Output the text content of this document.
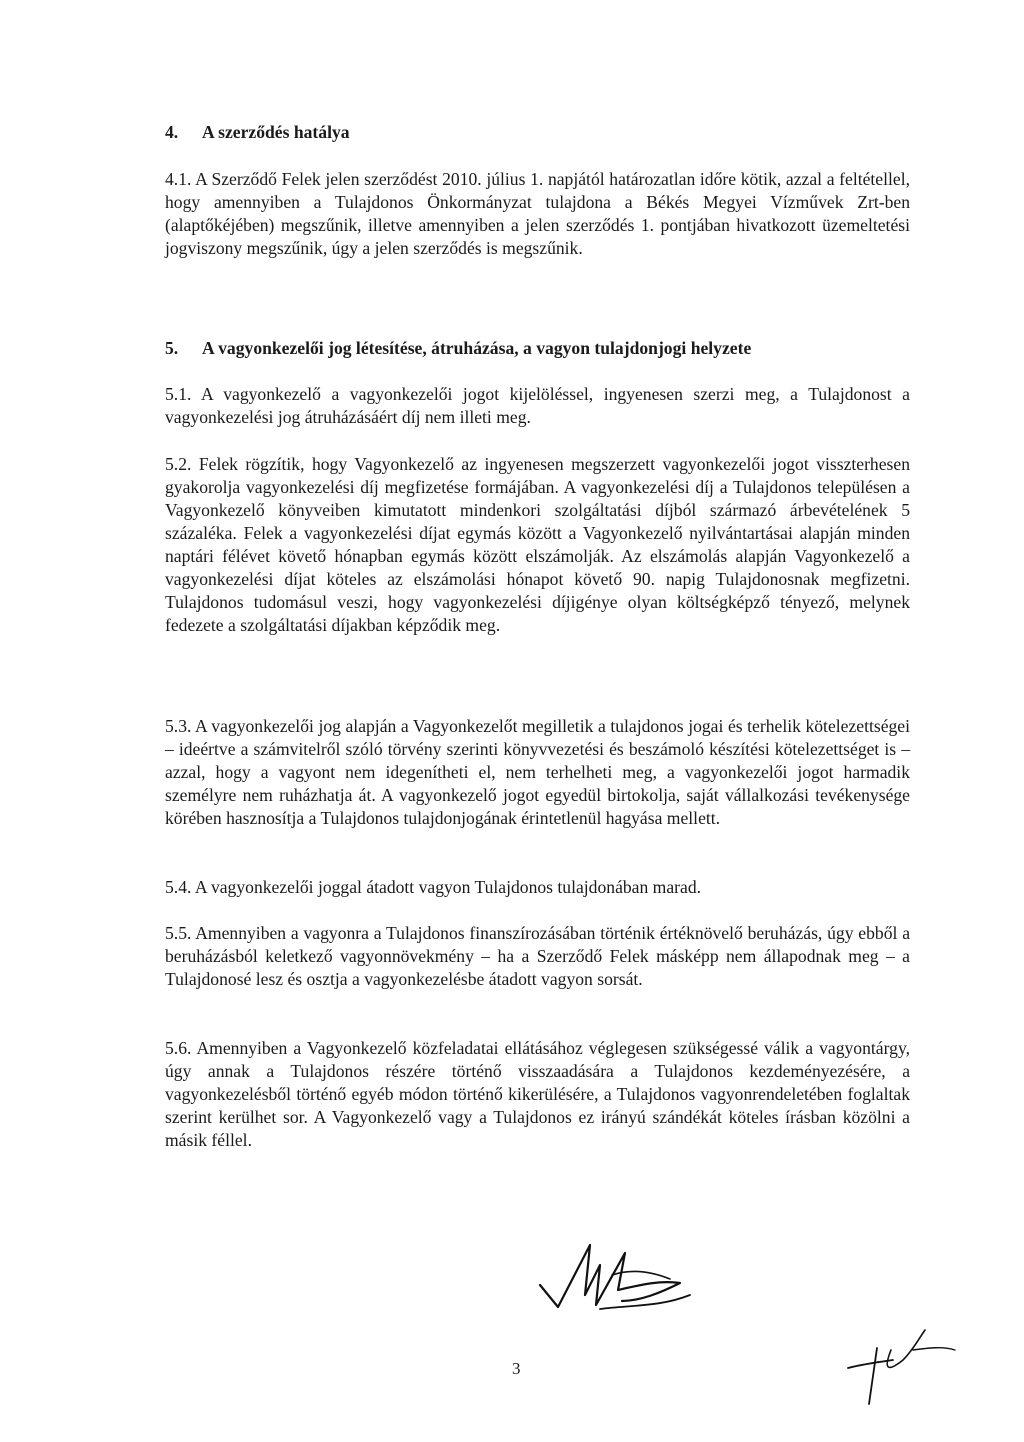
4. A szerződés hatálya
4.1. A Szerződő Felek jelen szerződést 2010. július 1. napjától határozatlan időre kötik, azzal a feltétellel, hogy amennyiben a Tulajdonos Önkormányzat tulajdona a Békés Megyei Vízművek Zrt-ben (alaptőkéjében) megszűnik, illetve amennyiben a jelen szerződés 1. pontjában hivatkozott üzemeltetési jogviszony megszűnik, úgy a jelen szerződés is megszűnik.
5. A vagyonkezelői jog létesítése, átruházása, a vagyon tulajdonjogi helyzete
5.1. A vagyonkezelő a vagyonkezelői jogot kijelöléssel, ingyenesen szerzi meg, a Tulajdonost a vagyonkezelési jog átruházásáért díj nem illeti meg.
5.2. Felek rögzítik, hogy Vagyonkezelő az ingyenesen megszerzett vagyonkezelői jogot visszterhesen gyakorolja vagyonkezelési díj megfizetése formájában. A vagyonkezelési díj a Tulajdonos településen a Vagyonkezelő könyveiben kimutatott mindenkori szolgáltatási díjból származó árbevételének 5 százaléka. Felek a vagyonkezelési díjat egymás között a Vagyonkezelő nyilvántartásai alapján minden naptári félévet követő hónapban egymás között elszámolják. Az elszámolás alapján Vagyonkezelő a vagyonkezelési díjat köteles az elszámolási hónapot követő 90. napig Tulajdonosnak megfizetni. Tulajdonos tudomásul veszi, hogy vagyonkezelési díjigénye olyan költségképző tényező, melynek fedezete a szolgáltatási díjakban képződik meg.
5.3. A vagyonkezelői jog alapján a Vagyonkezelőt megilletik a tulajdonos jogai és terhelik kötelezettségei – ideértve a számvitelről szóló törvény szerinti könyvvezetési és beszámoló készítési kötelezettséget is – azzal, hogy a vagyont nem idegenítheti el, nem terhelheti meg, a vagyonkezelői jogot harmadik személyre nem ruházhatja át. A vagyonkezelő jogot egyedül birtokolja, saját vállalkozási tevékenysége körében hasznosítja a Tulajdonos tulajdonjogának érintetlenül hagyása mellett.
5.4. A vagyonkezelői joggal átadott vagyon Tulajdonos tulajdonában marad.
5.5. Amennyiben a vagyonra a Tulajdonos finanszírozásában történik értéknövelő beruházás, úgy ebből a beruházásból keletkező vagyonnövekmény – ha a Szerződő Felek másképp nem állapodnak meg – a Tulajdonosé lesz és osztja a vagyonkezelésbe átadott vagyon sorsát.
5.6. Amennyiben a Vagyonkezelő közfeladatai ellátásához véglegesen szükségessé válik a vagyontárgy, úgy annak a Tulajdonos részére történő visszaadására a Tulajdonos kezdeményezésére, a vagyonkezelésből történő egyéb módon történő kikerülésére, a Tulajdonos vagyonrendeletében foglaltak szerint kerülhet sor. A Vagyonkezelő vagy a Tulajdonos ez irányú szándékát köteles írásban közölni a másik féllel.
3
